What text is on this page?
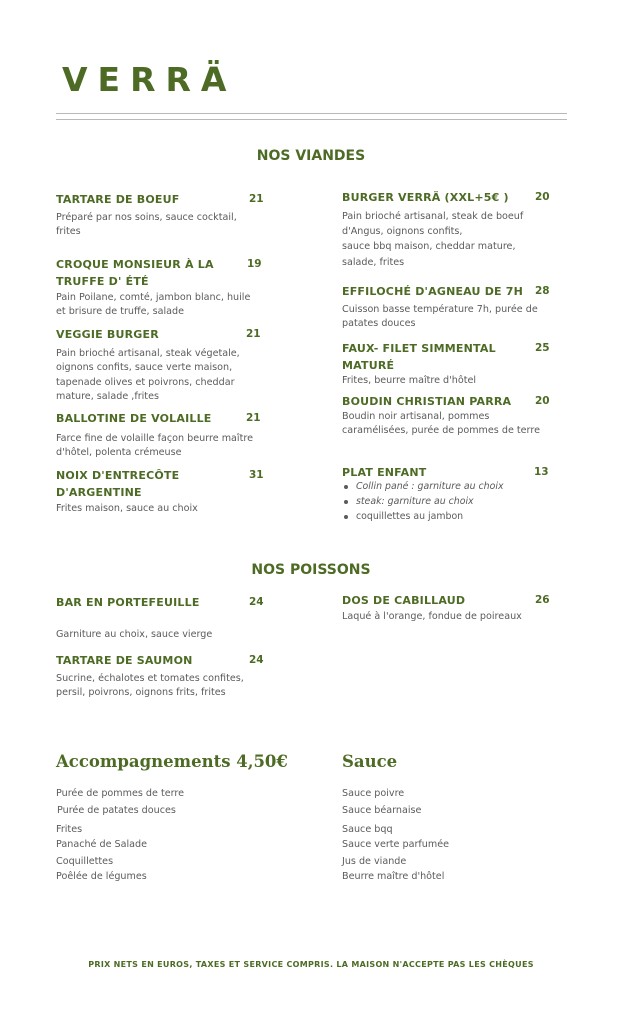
VERRÄ
NOS VIANDES
TARTARE DE BOEUF	21
Préparé par nos soins, sauce cocktail,
frites
CROQUE MONSIEUR À LA
TRUFFE D' ÉTÉ
19
Pain Poilane, comté, jambon blanc, huile
et brisure de truffe, salade
VEGGIE BURGER	21
Pain brioché artisanal, steak végetale,
oignons confits, sauce verte maison,
tapenade olives et poivrons, cheddar
mature, salade ,frites
BALLOTINE DE VOLAILLE	21
Farce fine de volaille façon beurre maître
d'hôtel, polenta crémeuse
NOIX D'ENTRECÔTE
D'ARGENTINE
31
Frites maison, sauce au choix
BURGER VERRÄ (XXL+5€ )	20
Pain brioché artisanal, steak de boeuf
d'Angus, oignons confits,
sauce bbq maison, cheddar mature,
salade, frites
EFFILOCHÉ D'AGNEAU DE 7H 28
Cuisson basse température 7h, purée de
patates douces
FAUX- FILET SIMMENTAL
MATURÉ
25
Frites, beurre maître d'hôtel
BOUDIN CHRISTIAN PARRA 20
Boudin noir artisanal, pommes
caramélisées, purée de pommes de terre
PLAT ENFANT	13
Collin pané : garniture au choix
steak: garniture au choix
coquillettes au jambon
NOS POISSONS
BAR EN PORTEFEUILLE	24
Garniture au choix, sauce vierge
TARTARE DE SAUMON	24
Sucrine, échalotes et tomates confites,
persil, poivrons, oignons frits, frites
DOS DE CABILLAUD	26
Laqué à l'orange, fondue de poireaux
Accompagnements 4,50€	Sauce
Purée de pommes de terre
Purée de patates douces
Frites
Panaché de Salade
Coquillettes
Poêlée de légumes
Sauce poivre
Sauce béarnaise
Sauce bqq
Sauce verte parfumée
Jus de viande
Beurre maître d'hôtel
PRIX NETS EN EUROS, TAXES ET SERVICE COMPRIS. LA MAISON N'ACCEPTE PAS LES CHÈQUES
